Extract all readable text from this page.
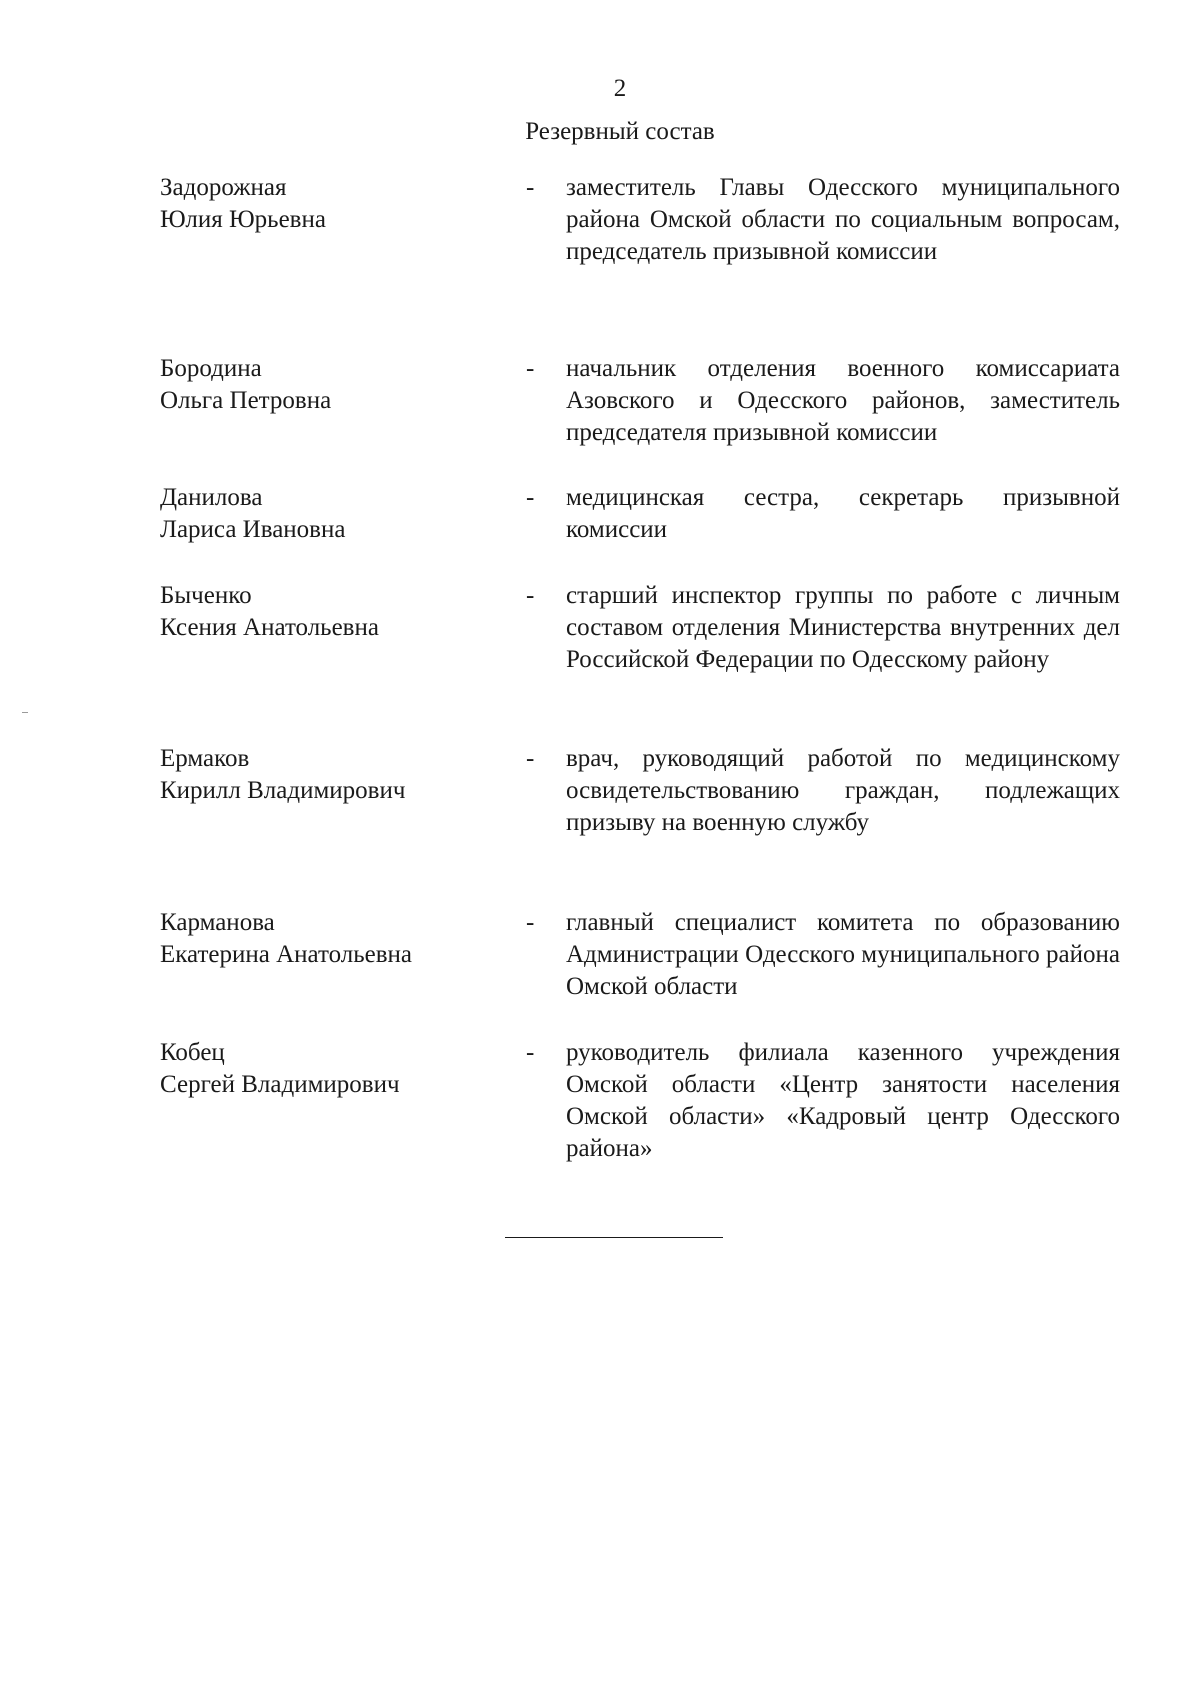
2
Резервный состав
Задорожная
Юлия Юрьевна
-	заместитель Главы Одесского муниципального района Омской области по социальным вопросам, председатель призывной комиссии
Бородина
Ольга Петровна
-	начальник отделения военного комиссариата Азовского и Одесского районов, заместитель председателя призывной комиссии
Данилова
Лариса Ивановна
-	медицинская сестра, секретарь призывной комиссии
Быченко
Ксения Анатольевна
-	старший инспектор группы по работе с личным составом отделения Министерства внутренних дел Российской Федерации по Одесскому району
Ермаков
Кирилл Владимирович
-	врач, руководящий работой по медицинскому освидетельствованию граждан, подлежащих призыву на военную службу
Карманова
Екатерина Анатольевна
-	главный специалист комитета по образованию Администрации Одесского муниципального района Омской области
Кобец
Сергей Владимирович
-	руководитель филиала казенного учреждения Омской области «Центр занятости населения Омской области» «Кадровый центр Одесского района»
